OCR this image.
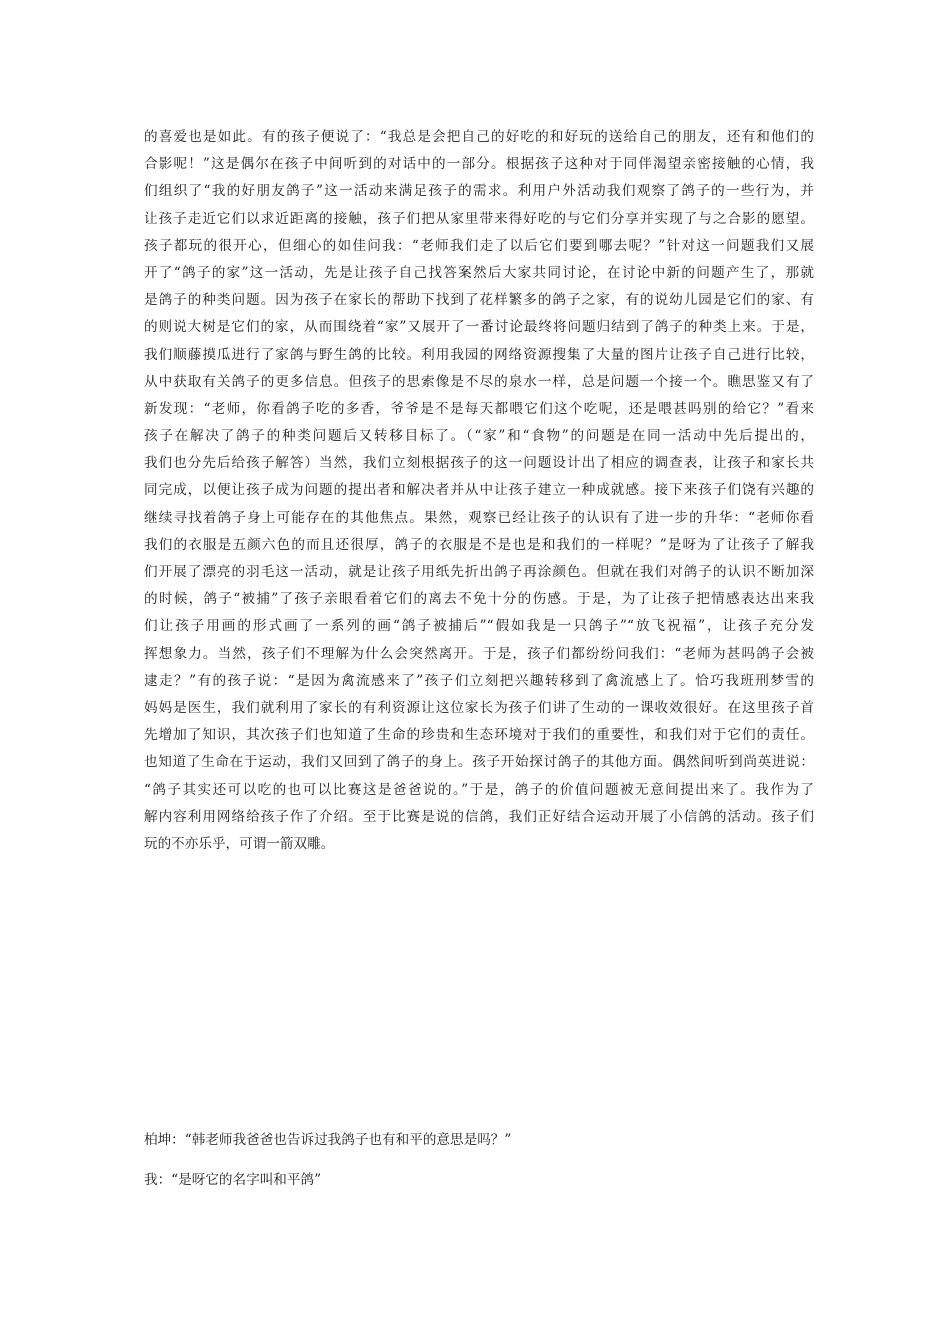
的喜爱也是如此。有的孩子便说了：“我总是会把自己的好吃的和好玩的送给自己的朋友，还有和他们的
合影呢！”这是偶尔在孩子中间听到的对话中的一部分。根据孩子这种对于同伴渴望亲密接触的心情，我
们组织了“我的好朋友鸽子”这一活动来满足孩子的需求。利用户外活动我们观察了鸽子的一些行为，并
让孩子走近它们以求近距离的接触，孩子们把从家里带来得好吃的与它们分享并实现了与之合影的愿望。
孩子都玩的很开心，但细心的如佳问我：“老师我们走了以后它们要到哪去呢？”针对这一问题我们又展
开了“鸽子的家”这一活动，先是让孩子自己找答案然后大家共同讨论，在讨论中新的问题产生了，那就
是鸽子的种类问题。因为孩子在家长的帮助下找到了花样繁多的鸽子之家，有的说幼儿园是它们的家、有
的则说大树是它们的家，从而围绕着“家”又展开了一番讨论最终将问题归结到了鸽子的种类上来。于是，
我们顺藤摸瓜进行了家鸽与野生鸽的比较。利用我园的网络资源搜集了大量的图片让孩子自己进行比较，
从中获取有关鸽子的更多信息。但孩子的思索像是不尽的泉水一样，总是问题一个接一个。瞧思鉴又有了
新发现：“老师，你看鸽子吃的多香，爷爷是不是每天都喂它们这个吃呢，还是喂甚吗别的给它？”看来
孩子在解决了鸽子的种类问题后又转移目标了。（“家”和“食物”的问题是在同一活动中先后提出的，
我们也分先后给孩子解答）当然，我们立刻根据孩子的这一问题设计出了相应的调查表，让孩子和家长共
同完成，以便让孩子成为问题的提出者和解决者并从中让孩子建立一种成就感。接下来孩子们饶有兴趣的
继续寻找着鸽子身上可能存在的其他焦点。果然，观察已经让孩子的认识有了进一步的升华：“老师你看
我们的衣服是五颜六色的而且还很厚，鸽子的衣服是不是也是和我们的一样呢？”是呀为了让孩子了解我
们开展了漂亮的羽毛这一活动，就是让孩子用纸先折出鸽子再涂颜色。但就在我们对鸽子的认识不断加深
的时候，鸽子“被捕”了孩子亲眼看着它们的离去不免十分的伤感。于是，为了让孩子把情感表达出来我
们让孩子用画的形式画了一系列的画“鸽子被捕后”“假如我是一只鸽子”“放飞祝福”，让孩子充分发
挥想象力。当然，孩子们不理解为什么会突然离开。于是，孩子们都纷纷问我们：“老师为甚吗鸽子会被
逮走？”有的孩子说：“是因为禽流感来了”孩子们立刻把兴趣转移到了禽流感上了。恰巧我班刑梦雪的
妈妈是医生，我们就利用了家长的有利资源让这位家长为孩子们讲了生动的一课收效很好。在这里孩子首
先增加了知识，其次孩子们也知道了生命的珍贵和生态环境对于我们的重要性，和我们对于它们的责任。
也知道了生命在于运动，我们又回到了鸽子的身上。孩子开始探讨鸽子的其他方面。偶然间听到尚英进说：
“鸽子其实还可以吃的也可以比赛这是爸爸说的。”于是，鸽子的价值问题被无意间提出来了。我作为了
解内容利用网络给孩子作了介绍。至于比赛是说的信鸽，我们正好结合运动开展了小信鸽的活动。孩子们
玩的不亦乐乎，可谓一箭双雕。
柏坤：“韩老师我爸爸也告诉过我鸽子也有和平的意思是吗？”
我：“是呀它的名字叫和平鸽”
